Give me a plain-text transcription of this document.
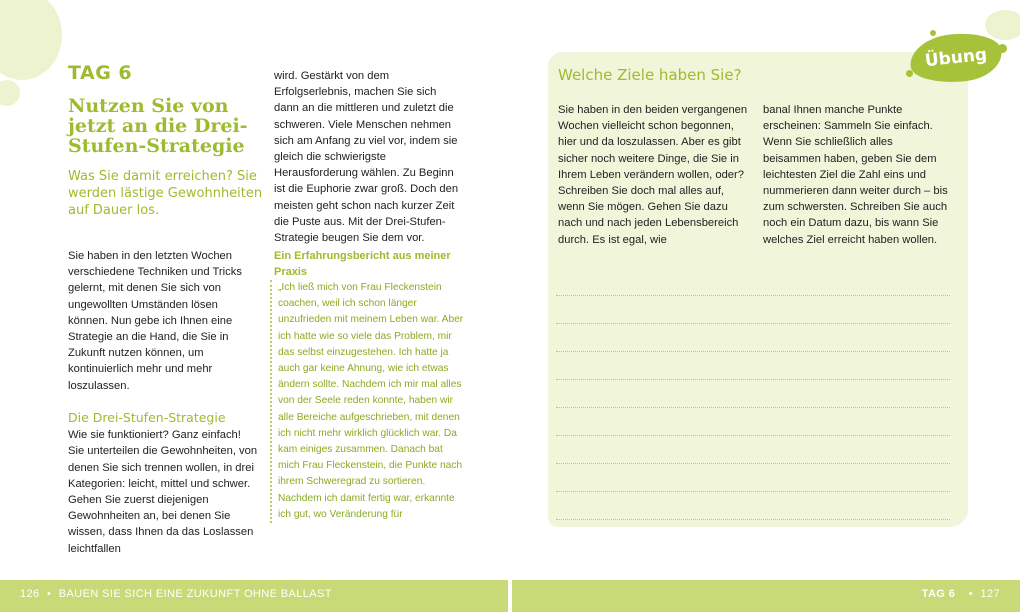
TAG 6
Nutzen Sie von jetzt an die Drei-Stufen-Strategie
Was Sie damit erreichen? Sie werden lästige Gewohnheiten auf Dauer los.
Sie haben in den letzten Wochen verschiedene Techniken und Tricks gelernt, mit denen Sie sich von ungewollten Umständen lösen können. Nun gebe ich Ihnen eine Strategie an die Hand, die Sie in Zukunft nutzen können, um kontinuierlich mehr und mehr loszulassen.
Die Drei-Stufen-Strategie
Wie sie funktioniert? Ganz einfach! Sie unterteilen die Gewohnheiten, von denen Sie sich trennen wollen, in drei Kategorien: leicht, mittel und schwer. Gehen Sie zuerst diejenigen Gewohnheiten an, bei denen Sie wissen, dass Ihnen da das Loslassen leichtfallen
wird. Gestärkt von dem Erfolgserlebnis, machen Sie sich dann an die mittleren und zuletzt die schweren. Viele Menschen nehmen sich am Anfang zu viel vor, indem sie gleich die schwierigste Herausforderung wählen. Zu Beginn ist die Euphorie zwar groß. Doch den meisten geht schon nach kurzer Zeit die Puste aus. Mit der Drei-Stufen-Strategie beugen Sie dem vor.
Ein Erfahrungsbericht aus meiner Praxis
„Ich ließ mich von Frau Fleckenstein coachen, weil ich schon länger unzufrieden mit meinem Leben war. Aber ich hatte wie so viele das Problem, mir das selbst einzugestehen. Ich hatte ja auch gar keine Ahnung, wie ich etwas ändern sollte. Nachdem ich mir mal alles von der Seele reden konnte, haben wir alle Bereiche aufgeschrieben, mit denen ich nicht mehr wirklich glücklich war. Da kam einiges zusammen. Danach bat mich Frau Fleckenstein, die Punkte nach ihrem Schweregrad zu sortieren. Nachdem ich damit fertig war, erkannte ich gut, wo Veränderung für
Übung
Welche Ziele haben Sie?
Sie haben in den beiden vergangenen Wochen vielleicht schon begonnen, hier und da loszulassen. Aber es gibt sicher noch weitere Dinge, die Sie in Ihrem Leben verändern wollen, oder? Schreiben Sie doch mal alles auf, wenn Sie mögen. Gehen Sie dazu nach und nach jeden Lebensbereich durch. Es ist egal, wie
banal Ihnen manche Punkte erscheinen: Sammeln Sie einfach. Wenn Sie schließlich alles beisammen haben, geben Sie dem leichtesten Ziel die Zahl eins und nummerieren dann weiter durch – bis zum schwersten. Schreiben Sie auch noch ein Datum dazu, bis wann Sie welches Ziel erreicht haben wollen.
126 • BAUEN SIE SICH EINE ZUKUNFT OHNE BALLAST	TAG 6 • 127
